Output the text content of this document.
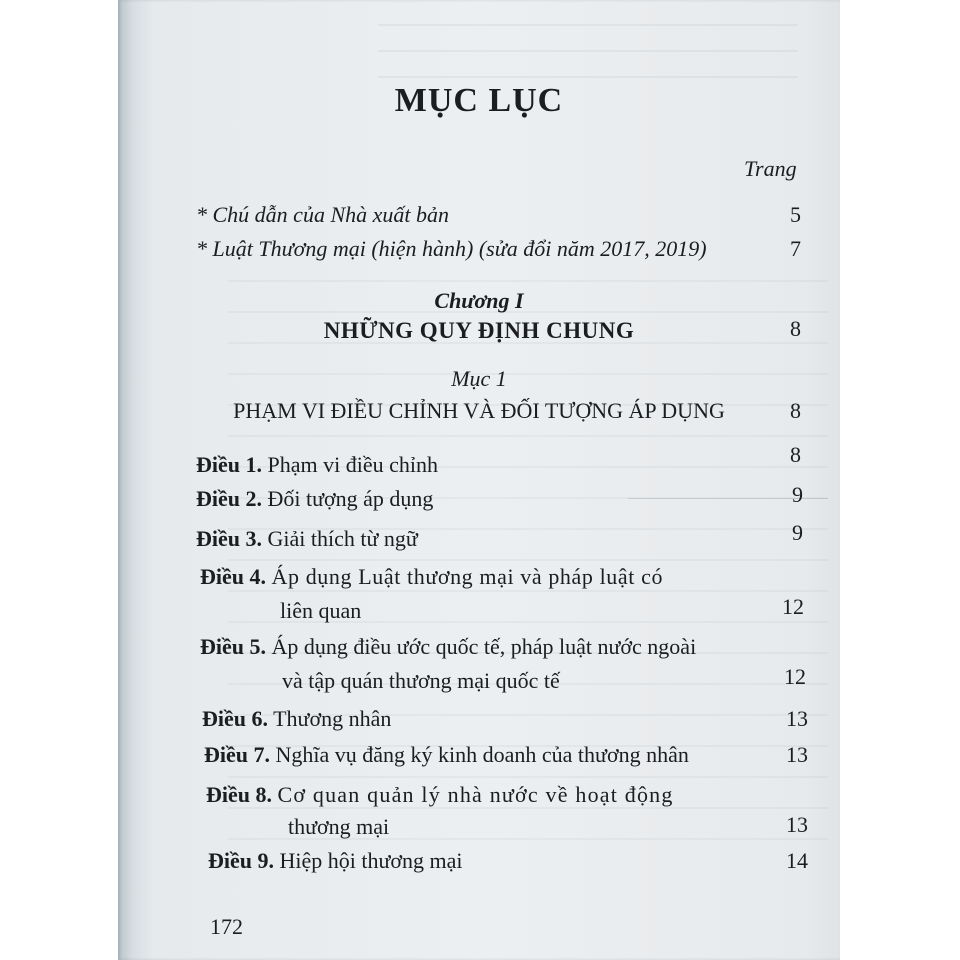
MỤC LỤC
Trang
* Chú dẫn của Nhà xuất bản	5
* Luật Thương mại (hiện hành) (sửa đổi năm 2017, 2019)	7
Chương I
NHỮNG QUY ĐỊNH CHUNG	8
Mục 1
PHẠM VI ĐIỀU CHỈNH VÀ ĐỐI TƯỢNG ÁP DỤNG	8
Điều 1. Phạm vi điều chỉnh	8
Điều 2. Đối tượng áp dụng	9
Điều 3. Giải thích từ ngữ	9
Điều 4. Áp dụng Luật thương mại và pháp luật có
liên quan	12
Điều 5. Áp dụng điều ước quốc tế, pháp luật nước ngoài
và tập quán thương mại quốc tế	12
Điều 6. Thương nhân	13
Điều 7. Nghĩa vụ đăng ký kinh doanh của thương nhân	13
Điều 8. Cơ quan quản lý nhà nước về hoạt động
thương mại	13
Điều 9. Hiệp hội thương mại	14
172
